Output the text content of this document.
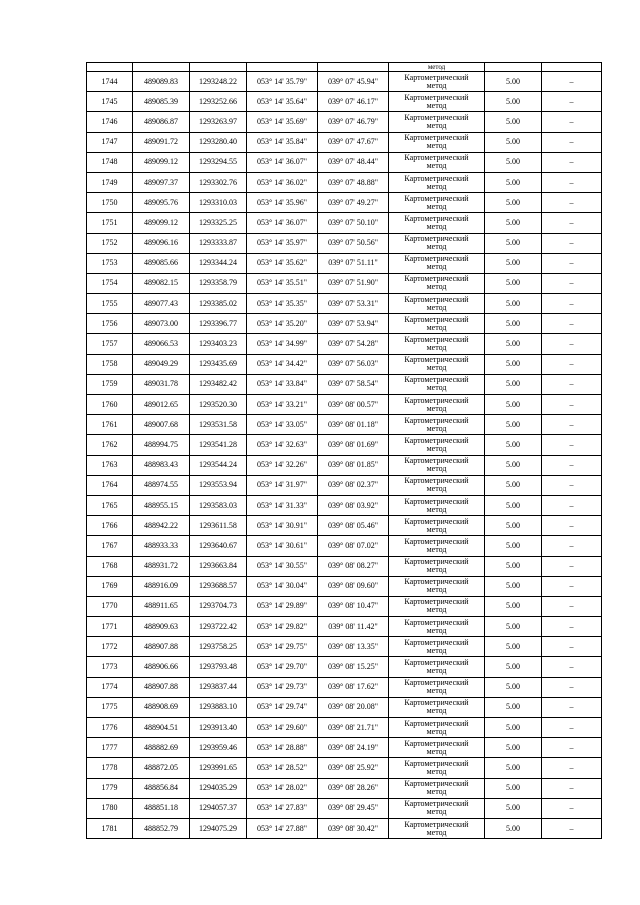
					метод		
1744	489089.83	1293248.22	053° 14' 35.79"	039° 07' 45.94"	Картометрический
метод	5.00	–
1745	489085.39	1293252.66	053° 14' 35.64"	039° 07' 46.17"	Картометрический
метод	5.00	–
1746	489086.87	1293263.97	053° 14' 35.69"	039° 07' 46.79"	Картометрический
метод	5.00	–
1747	489091.72	1293280.40	053° 14' 35.84"	039° 07' 47.67"	Картометрический
метод	5.00	–
1748	489099.12	1293294.55	053° 14' 36.07"	039° 07' 48.44"	Картометрический
метод	5.00	–
1749	489097.37	1293302.76	053° 14' 36.02"	039° 07' 48.88"	Картометрический
метод	5.00	–
1750	489095.76	1293310.03	053° 14' 35.96"	039° 07' 49.27"	Картометрический
метод	5.00	–
1751	489099.12	1293325.25	053° 14' 36.07"	039° 07' 50.10"	Картометрический
метод	5.00	–
1752	489096.16	1293333.87	053° 14' 35.97"	039° 07' 50.56"	Картометрический
метод	5.00	–
1753	489085.66	1293344.24	053° 14' 35.62"	039° 07' 51.11"	Картометрический
метод	5.00	–
1754	489082.15	1293358.79	053° 14' 35.51"	039° 07' 51.90"	Картометрический
метод	5.00	–
1755	489077.43	1293385.02	053° 14' 35.35"	039° 07' 53.31"	Картометрический
метод	5.00	–
1756	489073.00	1293396.77	053° 14' 35.20"	039° 07' 53.94"	Картометрический
метод	5.00	–
1757	489066.53	1293403.23	053° 14' 34.99"	039° 07' 54.28"	Картометрический
метод	5.00	–
1758	489049.29	1293435.69	053° 14' 34.42"	039° 07' 56.03"	Картометрический
метод	5.00	–
1759	489031.78	1293482.42	053° 14' 33.84"	039° 07' 58.54"	Картометрический
метод	5.00	–
1760	489012.65	1293520.30	053° 14' 33.21"	039° 08' 00.57"	Картометрический
метод	5.00	–
1761	489007.68	1293531.58	053° 14' 33.05"	039° 08' 01.18"	Картометрический
метод	5.00	–
1762	488994.75	1293541.28	053° 14' 32.63"	039° 08' 01.69"	Картометрический
метод	5.00	–
1763	488983.43	1293544.24	053° 14' 32.26"	039° 08' 01.85"	Картометрический
метод	5.00	–
1764	488974.55	1293553.94	053° 14' 31.97"	039° 08' 02.37"	Картометрический
метод	5.00	–
1765	488955.15	1293583.03	053° 14' 31.33"	039° 08' 03.92"	Картометрический
метод	5.00	–
1766	488942.22	1293611.58	053° 14' 30.91"	039° 08' 05.46"	Картометрический
метод	5.00	–
1767	488933.33	1293640.67	053° 14' 30.61"	039° 08' 07.02"	Картометрический
метод	5.00	–
1768	488931.72	1293663.84	053° 14' 30.55"	039° 08' 08.27"	Картометрический
метод	5.00	–
1769	488916.09	1293688.57	053° 14' 30.04"	039° 08' 09.60"	Картометрический
метод	5.00	–
1770	488911.65	1293704.73	053° 14' 29.89"	039° 08' 10.47"	Картометрический
метод	5.00	–
1771	488909.63	1293722.42	053° 14' 29.82"	039° 08' 11.42"	Картометрический
метод	5.00	–
1772	488907.88	1293758.25	053° 14' 29.75"	039° 08' 13.35"	Картометрический
метод	5.00	–
1773	488906.66	1293793.48	053° 14' 29.70"	039° 08' 15.25"	Картометрический
метод	5.00	–
1774	488907.88	1293837.44	053° 14' 29.73"	039° 08' 17.62"	Картометрический
метод	5.00	–
1775	488908.69	1293883.10	053° 14' 29.74"	039° 08' 20.08"	Картометрический
метод	5.00	–
1776	488904.51	1293913.40	053° 14' 29.60"	039° 08' 21.71"	Картометрический
метод	5.00	–
1777	488882.69	1293959.46	053° 14' 28.88"	039° 08' 24.19"	Картометрический
метод	5.00	–
1778	488872.05	1293991.65	053° 14' 28.52"	039° 08' 25.92"	Картометрический
метод	5.00	–
1779	488856.84	1294035.29	053° 14' 28.02"	039° 08' 28.26"	Картометрический
метод	5.00	–
1780	488851.18	1294057.37	053° 14' 27.83"	039° 08' 29.45"	Картометрический
метод	5.00	–
1781	488852.79	1294075.29	053° 14' 27.88"	039° 08' 30.42"	Картометрический
метод	5.00	–
